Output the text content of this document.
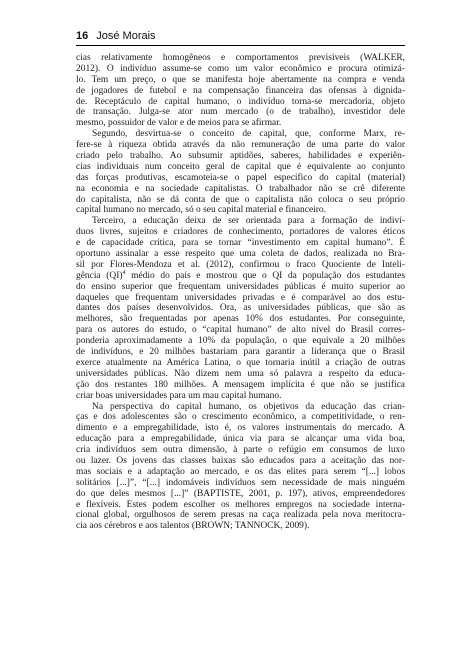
16 José Morais
cias relativamente homogêneos e comportamentos previsíveis (WALKER,
2012). O indivíduo assume-se como um valor econômico e procura otimizá-
lo. Tem um preço, o que se manifesta hoje abertamente na compra e venda
de jogadores de futebol e na compensação financeira das ofensas à dignida-
de. Receptáculo de capital humano, o indivíduo torna-se mercadoria, objeto
de transação. Julga-se ator num mercado (o de trabalho), investidor dele
mesmo, possuidor de valor e de meios para se afirmar.
Segundo, desvirtua-se o conceito de capital, que, conforme Marx, re-
fere-se à riqueza obtida através da não remuneração de uma parte do valor
criado pelo trabalho. Ao subsumir aptidões, saberes, habilidades e experiên-
cias individuais num conceito geral de capital que é equivalente ao conjunto
das forças produtivas, escamoteia-se o papel específico do capital (material)
na economia e na sociedade capitalistas. O trabalhador não se crê diferente
do capitalista, não se dá conta de que o capitalista não coloca o seu próprio
capital humano no mercado, só o seu capital material e financeiro.
Terceiro, a educação deixa de ser orientada para a formação de indiví-
duos livres, sujeitos e criadores de conhecimento, portadores de valores éticos
e de capacidade crítica, para se tornar “investimento em capital humano”. É
oportuno assinalar a esse respeito que uma coleta de dados, realizada no Bra-
sil por Flores-Mendoza et al. (2012), confirmou o fraco Quociente de Inteli-
gência (QI)$^4$ médio do país e mostrou que o QI da população dos estudantes
do ensino superior que frequentam universidades públicas é muito superior ao
daqueles que frequentam universidades privadas e é comparável ao dos estu-
dantes dos países desenvolvidos. Ora, as universidades públicas, que são as
melhores, são frequentadas por apenas 10% dos estudantes. Por conseguinte,
para os autores do estudo, o “capital humano” de alto nível do Brasil corres-
ponderia aproximadamente a 10% da população, o que equivale a 20 milhões
de indivíduos, e 20 milhões bastariam para garantir a liderança que o Brasil
exerce atualmente na América Latina, o que tornaria inútil a criação de outras
universidades públicas. Não dizem nem uma só palavra a respeito da educa-
ção dos restantes 180 milhões. A mensagem implícita é que não se justifica
criar boas universidades para um mau capital humano.
Na perspectiva do capital humano, os objetivos da educação das crian-
ças e dos adolescentes são o crescimento econômico, a competitividade, o ren-
dimento e a empregabilidade, isto é, os valores instrumentais do mercado. A
educação para a empregabilidade, única via para se alcançar uma vida boa,
cria indivíduos sem outra dimensão, à parte o refúgio em consumos de luxo
ou lazer. Os jovens das classes baixas são educados para a aceitação das nor-
mas sociais e a adaptação ao mercado, e os das elites para serem “[...] lobos
solitários [...]”, “[...] indomáveis indivíduos sem necessidade de mais ninguém
do que deles mesmos [...]” (BAPTISTE, 2001, p. 197), ativos, empreendedores
e flexíveis. Estes podem escolher os melhores empregos na sociedade interna-
cional global, orgulhosos de serem presas na caça realizada pela nova meritocra-
cia aos cérebros e aos talentos (BROWN; TANNOCK, 2009).
